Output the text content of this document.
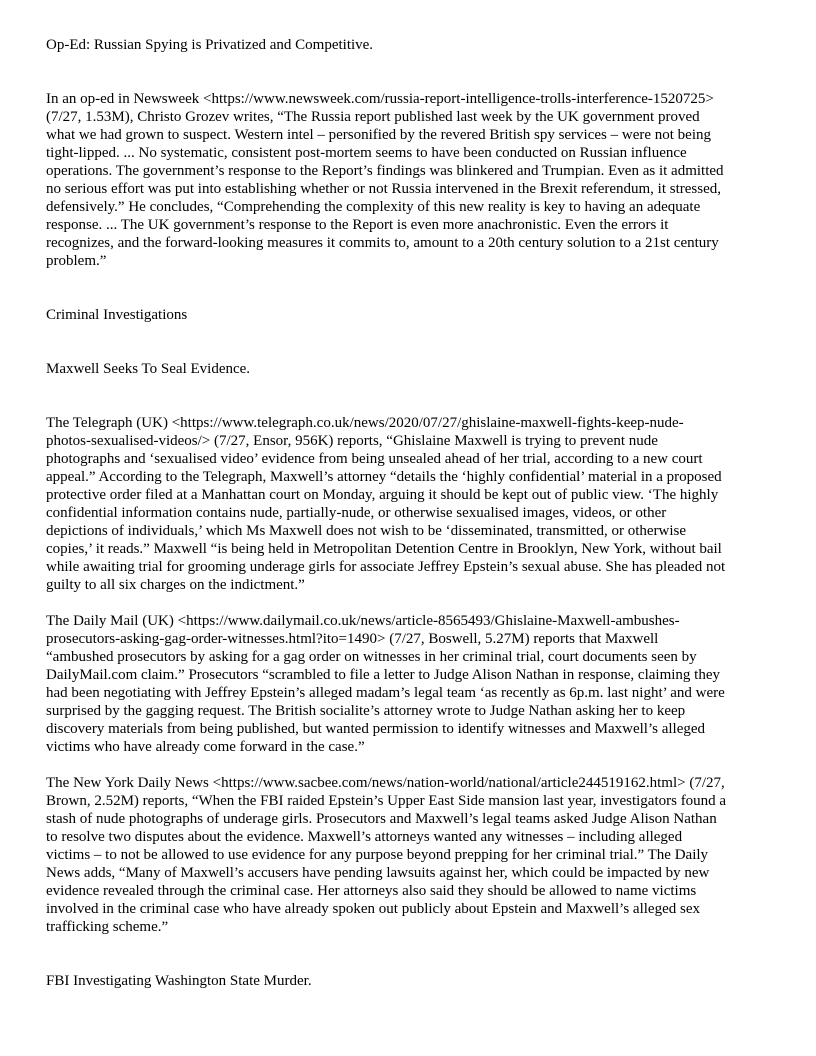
Op-Ed: Russian Spying is Privatized and Competitive.

In an op-ed in Newsweek <https://www.newsweek.com/russia-report-intelligence-trolls-interference-1520725>
(7/27, 1.53M), Christo Grozev writes, “The Russia report published last week by the UK government proved
what we had grown to suspect. Western intel – personified by the revered British spy services – were not being
tight-lipped. ... No systematic, consistent post-mortem seems to have been conducted on Russian influence
operations. The government’s response to the Report’s findings was blinkered and Trumpian. Even as it admitted
no serious effort was put into establishing whether or not Russia intervened in the Brexit referendum, it stressed,
defensively.” He concludes, “Comprehending the complexity of this new reality is key to having an adequate
response. ... The UK government’s response to the Report is even more anachronistic. Even the errors it
recognizes, and the forward-looking measures it commits to, amount to a 20th century solution to a 21st century
problem.”

Criminal Investigations

Maxwell Seeks To Seal Evidence.

The Telegraph (UK) <https://www.telegraph.co.uk/news/2020/07/27/ghislaine-maxwell-fights-keep-nude-
photos-sexualised-videos/> (7/27, Ensor, 956K) reports, “Ghislaine Maxwell is trying to prevent nude
photographs and ‘sexualised video’ evidence from being unsealed ahead of her trial, according to a new court
appeal.” According to the Telegraph, Maxwell’s attorney “details the ‘highly confidential’ material in a proposed
protective order filed at a Manhattan court on Monday, arguing it should be kept out of public view. ‘The highly
confidential information contains nude, partially-nude, or otherwise sexualised images, videos, or other
depictions of individuals,’ which Ms Maxwell does not wish to be ‘disseminated, transmitted, or otherwise
copies,’ it reads.” Maxwell “is being held in Metropolitan Detention Centre in Brooklyn, New York, without bail
while awaiting trial for grooming underage girls for associate Jeffrey Epstein’s sexual abuse. She has pleaded not
guilty to all six charges on the indictment.”

The Daily Mail (UK) <https://www.dailymail.co.uk/news/article-8565493/Ghislaine-Maxwell-ambushes-
prosecutors-asking-gag-order-witnesses.html?ito=1490> (7/27, Boswell, 5.27M) reports that Maxwell
“ambushed prosecutors by asking for a gag order on witnesses in her criminal trial, court documents seen by
DailyMail.com claim.” Prosecutors “scrambled to file a letter to Judge Alison Nathan in response, claiming they
had been negotiating with Jeffrey Epstein’s alleged madam’s legal team ‘as recently as 6p.m. last night’ and were
surprised by the gagging request. The British socialite’s attorney wrote to Judge Nathan asking her to keep
discovery materials from being published, but wanted permission to identify witnesses and Maxwell’s alleged
victims who have already come forward in the case.”

The New York Daily News <https://www.sacbee.com/news/nation-world/national/article244519162.html> (7/27,
Brown, 2.52M) reports, “When the FBI raided Epstein’s Upper East Side mansion last year, investigators found a
stash of nude photographs of underage girls. Prosecutors and Maxwell’s legal teams asked Judge Alison Nathan
to resolve two disputes about the evidence. Maxwell’s attorneys wanted any witnesses – including alleged
victims – to not be allowed to use evidence for any purpose beyond prepping for her criminal trial.” The Daily
News adds, “Many of Maxwell’s accusers have pending lawsuits against her, which could be impacted by new
evidence revealed through the criminal case. Her attorneys also said they should be allowed to name victims
involved in the criminal case who have already spoken out publicly about Epstein and Maxwell’s alleged sex
trafficking scheme.”

FBI Investigating Washington State Murder.
